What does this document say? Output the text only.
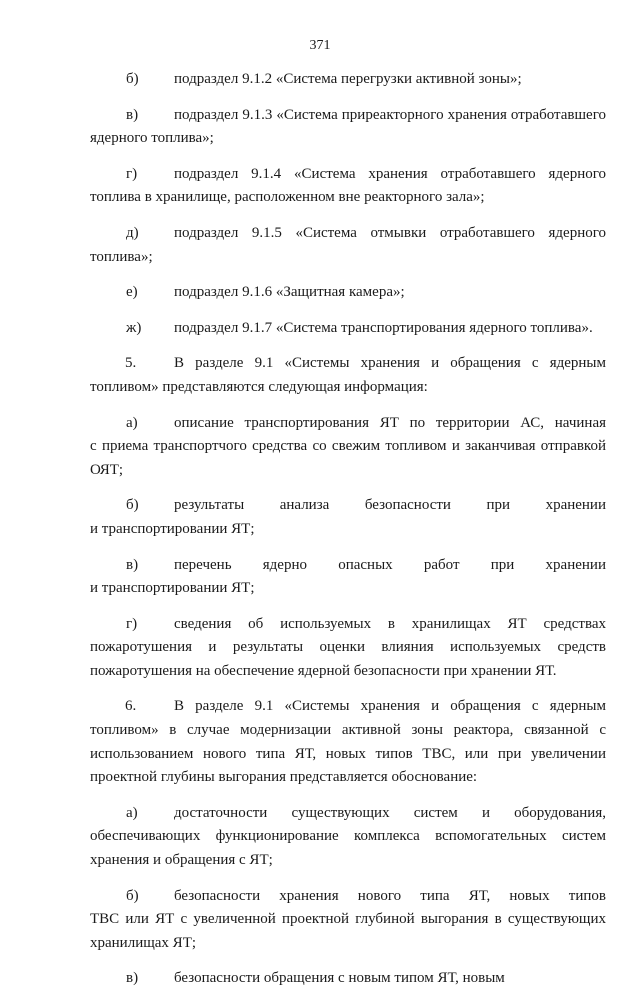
371
б)	подраздел 9.1.2 «Система перегрузки активной зоны»;
в)	подраздел 9.1.3 «Система приреакторного хранения отработавшего
ядерного топлива»;
г)	подраздел 9.1.4 «Система хранения отработавшего ядерного
топлива в хранилище, расположенном вне реакторного зала»;
д)	подраздел 9.1.5 «Система отмывки отработавшего ядерного
топлива»;
е)	подраздел 9.1.6 «Защитная камера»;
ж)	подраздел 9.1.7 «Система транспортирования ядерного топлива».
5.	В разделе 9.1 «Системы хранения и обращения с ядерным
топливом» представляются следующая информация:
а)	описание транспортирования ЯТ по территории АС, начиная
с приема транспортчого средства со свежим топливом и заканчивая отправкой ОЯТ;
б)	результаты анализа безопасности при хранении
и транспортировании ЯТ;
в)	перечень ядерно опасных работ при хранении
и транспортировании ЯТ;
г)	сведения об используемых в хранилищах ЯТ средствах
пожаротушения и результаты оценки влияния используемых средств пожаротушения на обеспечение ядерной безопасности при хранении ЯТ.
6.	В разделе 9.1 «Системы хранения и обращения с ядерным
топливом» в случае модернизации активной зоны реактора, связанной с использованием нового типа ЯТ, новых типов ТВС, или при увеличении проектной глубины выгорания представляется обоснование:
а)	достаточности существующих систем и оборудования,
обеспечивающих функционирование комплекса вспомогательных систем хранения и обращения с ЯТ;
б)	безопасности хранения нового типа ЯТ, новых типов
ТВС или ЯТ с увеличенной проектной глубиной выгорания в существующих хранилищах ЯТ;
в)	безопасности обращения с новым типом ЯТ, новым
